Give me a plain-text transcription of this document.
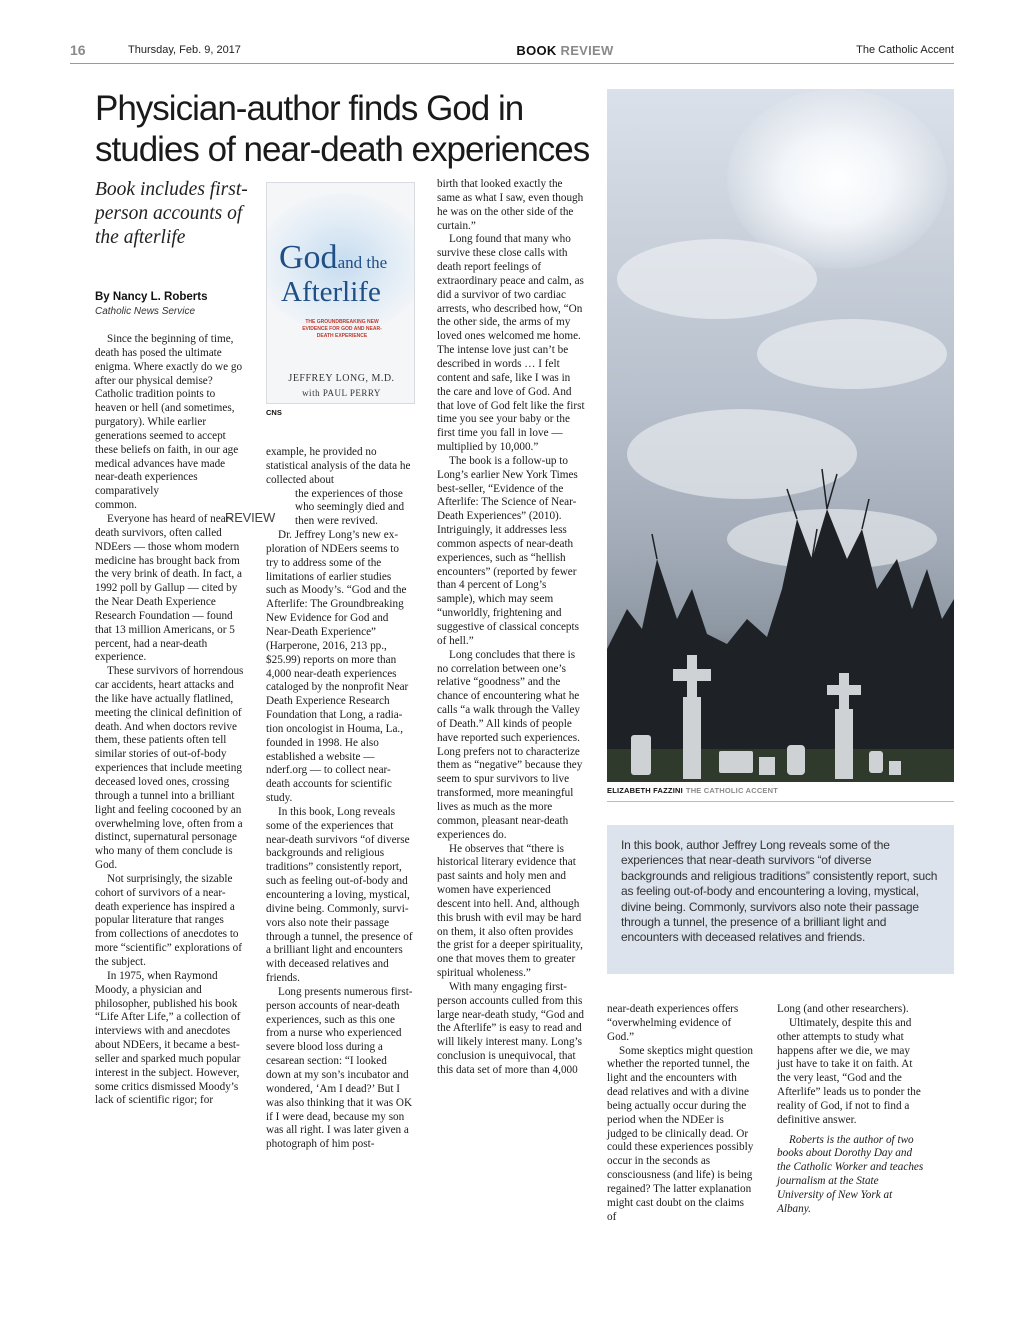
16	Thursday, Feb. 9, 2017	BOOK REVIEW	The Catholic Accent
Physician-author finds God in studies of near-death experiences
Book includes first-person accounts of the afterlife
By Nancy L. Roberts
Catholic News Service
Godand the
Afterlife
THE GROUNDBREAKING NEW EVIDENCE FOR GOD AND NEAR-DEATH EXPERIENCE
JEFFREY LONG, M.D.
with PAUL PERRY
CNS
REVIEW

Since the beginning of time, death has posed the ultimate enigma. Where exactly do we go after our physical demise? Catholic tradition points to heaven or hell (and sometimes, purgatory). While earlier generations seemed to accept these beliefs on faith, in our age medical advances have made

near-death experiences comparatively common.

Everyone has heard of near-death survivors, often called NDEers — those whom modern medicine has brought back from the very brink of death. In fact, a 1992 poll by Gallup — cited by the Near Death Experience Research Foundation — found that 13 million Americans, or 5 percent, had a near-death experience.

These survivors of horrendous car accidents, heart attacks and the like have actually flatlined, meeting the clinical definition of death. And when doctors revive them, these patients often tell similar stories of out-of-body experiences that include meeting deceased loved ones, crossing through a tunnel into a brilliant light and feeling cocooned by an overwhelming love, often from a distinct, supernatural personage who many of them conclude is God.

Not surprisingly, the sizable cohort of survivors of a near-death experience has inspired a popular literature that ranges from collections of anecdotes to more “scientific” explorations of the subject.

In 1975, when Raymond Moody, a physician and philosopher, published his book “Life After Life,” a collection of interviews with and anecdotes about NDEers, it became a best-seller and sparked much popular interest in the subject. However, some critics dismissed Moody’s lack of scientific rigor; for

example, he provided no statistical analysis of the data he collected about
the experiences of those who seemingly died and then were revived.

Dr. Jeffrey Long’s new exploration of NDEers seems to try to address some of the limitations of earlier studies such as Moody’s. “God and the Afterlife: The Groundbreaking New Evidence for God and Near-Death Experience” (Harperone, 2016, 213 pp., $25.99) reports on more than 4,000 near-death experiences cataloged by the nonprofit Near Death Experience Research Foundation that Long, a radiation oncologist in Houma, La., founded in 1998. He also established a website — nderf.org — to collect near-death accounts for scientific study.

In this book, Long reveals some of the experiences that near-death survivors “of diverse backgrounds and religious traditions” consistently report, such as feeling out-of-body and encountering a loving, mystical, divine being. Commonly, survivors also note their passage through a tunnel, the presence of a brilliant light and encounters with deceased relatives and friends.

Long presents numerous first-person accounts of near-death experiences, such as this one from a nurse who experienced severe blood loss during a cesarean section: “I looked down at my son’s incubator and wondered, ‘Am I dead?’ But I was also thinking that it was OK if I were dead, because my son was all right. I was later given a photograph of him post-

birth that looked exactly the same as what I saw, even though he was on the other side of the curtain.”

Long found that many who survive these close calls with death report feelings of extraordinary peace and calm, as did a survivor of two cardiac arrests, who described how, “On the other side, the arms of my loved ones welcomed me home. The intense love just can’t be described in words … I felt content and safe, like I was in the care and love of God. And that love of God felt like the first time you see your baby or the first time you fall in love — multiplied by 10,000.”

The book is a follow-up to Long’s earlier New York Times best-seller, “Evidence of the Afterlife: The Science of Near-Death Experiences” (2010). Intriguingly, it addresses less common aspects of near-death experiences, such as “hellish encounters” (reported by fewer than 4 percent of Long’s sample), which may seem “unworldly, frightening and suggestive of classical concepts of hell.”

Long concludes that there is no correlation between one’s relative “goodness” and the chance of encountering what he calls “a walk through the Valley of Death.” All kinds of people have reported such experiences. Long prefers not to characterize them as “negative” because they seem to spur survivors to live transformed, more meaningful lives as much as the more common, pleasant near-death experiences do.

He observes that “there is historical literary evidence that past saints and holy men and women have experienced descent into hell. And, although this brush with evil may be hard on them, it also often provides the grist for a deeper spirituality, one that moves them to greater spiritual wholeness.”

With many engaging first-person accounts culled from this large near-death study, “God and the Afterlife” is easy to read and will likely interest many. Long’s conclusion is unequivocal, that this data set of more than 4,000

ELIZABETH FAZZINI THE CATHOLIC ACCENT
In this book, author Jeffrey Long reveals some of the experiences that near-death survivors “of diverse backgrounds and religious traditions” consistently report, such as feeling out-of-body and encountering a loving, mystical, divine being. Commonly, survivors also note their passage through a tunnel, the presence of a brilliant light and encounters with deceased relatives and friends.
near-death experiences offers “overwhelming evidence of God.”

Some skeptics might question whether the reported tunnel, the light and the encounters with dead relatives and with a divine being actually occur during the period when the NDEer is judged to be clinically dead. Or could these experiences possibly occur in the seconds as consciousness (and life) is being regained? The latter explanation might cast doubt on the claims of

Long (and other researchers).

Ultimately, despite this and other attempts to study what happens after we die, we may just have to take it on faith. At the very least, “God and the Afterlife” leads us to ponder the reality of God, if not to find a definitive answer.

Roberts is the author of two books about Dorothy Day and the Catholic Worker and teaches journalism at the State University of New York at Albany.
